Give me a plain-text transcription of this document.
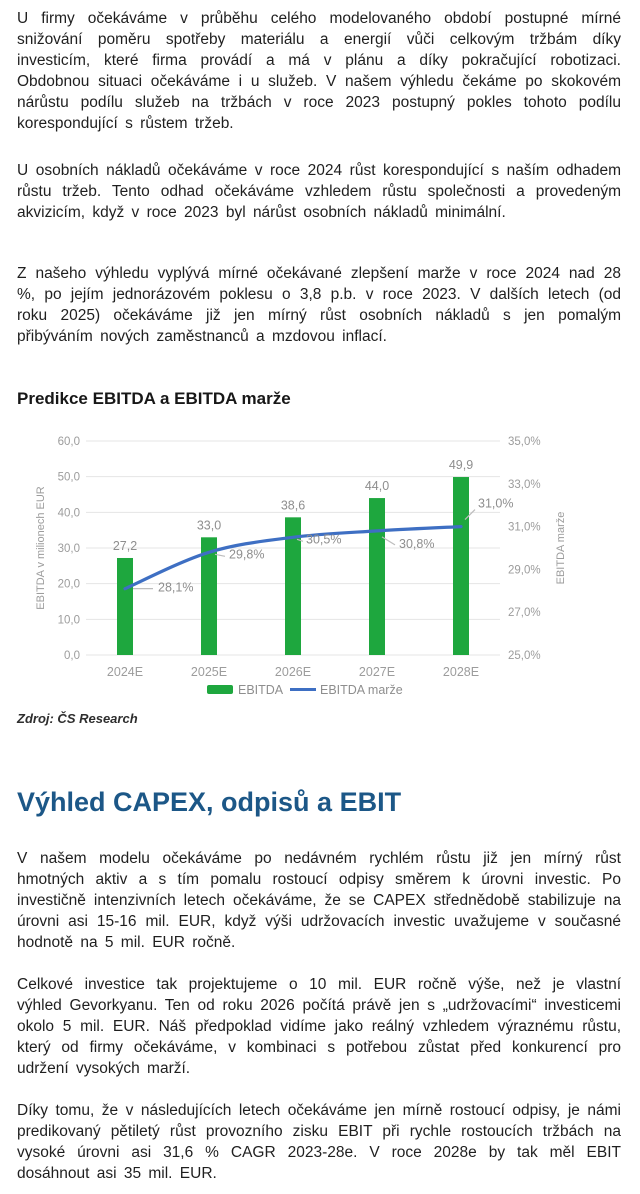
U firmy očekáváme v průběhu celého modelovaného období postupné mírné snižování poměru spotřeby materiálu a energií vůči celkovým tržbám díky investicím, které firma provádí a má v plánu a díky pokračující robotizaci. Obdobnou situaci očekáváme i u služeb. V našem výhledu čekáme po skokovém nárůstu podílu služeb na tržbách v roce 2023 postupný pokles tohoto podílu korespondující s růstem tržeb.

U osobních nákladů očekáváme v roce 2024 růst korespondující s naším odhadem růstu tržeb. Tento odhad očekáváme vzhledem růstu společnosti a provedeným akvizicím, když v roce 2023 byl nárůst osobních nákladů minimální.

Z našeho výhledu vyplývá mírné očekávané zlepšení marže v roce 2024 nad 28 %, po jejím jednorázovém poklesu o 3,8 p.b. v roce 2023. V dalších letech (od roku 2025) očekáváme již jen mírný růst osobních nákladů s jen pomalým přibýváním nových zaměstnanců a mzdovou inflací.

Predikce EBITDA a EBITDA marže
0,0
10,0
20,0
30,0
40,0
50,0
60,0
25,0%
27,0%
29,0%
31,0%
33,0%
35,0%
EBITDA v milionech EUR	EBITDA marže
27,2
33,0
38,6
44,0
49,9
2024E	2025E	2026E	2027E	2028E
28,1%
29,8%
30,5%	30,8%
31,0%
EBITDA	EBITDA marže

Zdroj: ČS Research

Výhled CAPEX, odpisů a EBIT

V našem modelu očekáváme po nedávném rychlém růstu již jen mírný růst hmotných aktiv a s tím pomalu rostoucí odpisy směrem k úrovni investic. Po investičně intenzivních letech očekáváme, že se CAPEX střednědobě stabilizuje na úrovni asi 15-16 mil. EUR, když výši udržovacích investic uvažujeme v současné hodnotě na 5 mil. EUR ročně.

Celkové investice tak projektujeme o 10 mil. EUR ročně výše, než je vlastní výhled Gevorkyanu. Ten od roku 2026 počítá právě jen s „udržovacími“ investicemi okolo 5 mil. EUR. Náš předpoklad vidíme jako reálný vzhledem výraznému růstu, který od firmy očekáváme, v kombinaci s potřebou zůstat před konkurencí pro udržení vysokých marží.

Díky tomu, že v následujících letech očekáváme jen mírně rostoucí odpisy, je námi predikovaný pětiletý růst provozního zisku EBIT při rychle rostoucích tržbách na vysoké úrovni asi 31,6 % CAGR 2023-28e. V roce 2028e by tak měl EBIT dosáhnout asi 35 mil. EUR.
